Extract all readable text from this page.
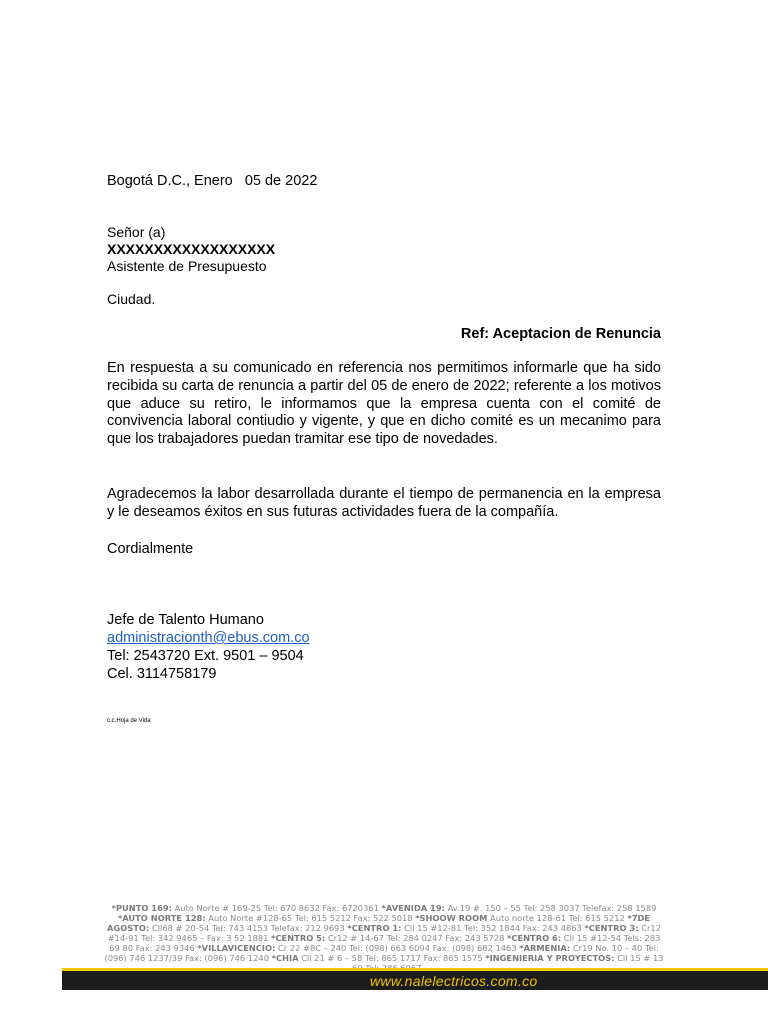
Bogotá D.C., Enero   05 de 2022
Señor (a)
XXXXXXXXXXXXXXXXXX
Asistente de Presupuesto
Ciudad.
Ref: Aceptacion de Renuncia
En respuesta a su comunicado en referencia nos permitimos informarle que ha sido recibida su carta de renuncia a partir del 05 de enero de 2022; referente a los motivos que aduce su retiro, le informamos que la empresa cuenta con el comité de convivencia laboral contiudio y vigente, y que en dicho comité es un mecanimo para que los trabajadores puedan tramitar ese tipo de novedades.
Agradecemos la labor desarrollada durante el tiempo de permanencia en la empresa y le deseamos éxitos en sus futuras actividades fuera de la compañía.
Cordialmente
Jefe de Talento Humano
administracionth@ebus.com.co
Tel: 2543720 Ext. 9501 – 9504
Cel. 3114758179
c.c.Hoja de Vida
*PUNTO 169: Auto Norte # 169-25 Tel: 670 8632 Fax: 6720361 *AVENIDA 19: Av.19 #. 150 – 55 Tel: 258 3037 Telefax: 258 1589 *AUTO NORTE 128: Auto Norte #128-65 Tel: 615 5212 Fax: 522 5018 *SHOOW ROOM Auto norte 128-61 Tel: 615 5212 *7DE AGOSTO: Cll68 # 20-54 Tel: 743 4153 Telefax: 212 9693 *CENTRO 1: Cll 15 #12-81 Tel: 352 1844 Fax: 243 4863 *CENTRO 3: Cr12 #14-91 Tel: 342 9465 – Fax: 3 52 1881 *CENTRO 5: Cr12 # 14-67 Tel: 284 0247 Fax: 243 5728 *CENTRO 6: Cll 15 #12-54 Tels: 283 69 80 Fax: 243 9346 *VILLAVICENCIO: Cr 22 #8C – 240 Tel: (098) 663 6094 Fax: (098) 682 1463 *ARMENIA: Cr19 No. 10 – 40 Tel: (096) 746 1237/39 Fax: (096) 746 1240 *CHIA Cll 21 # 6 – 58 Tel: 865 1717 Fax: 865 1575 *INGENIERIA Y PROYECTOS: Cll 15 # 13
www.nalelectricos.com.co
